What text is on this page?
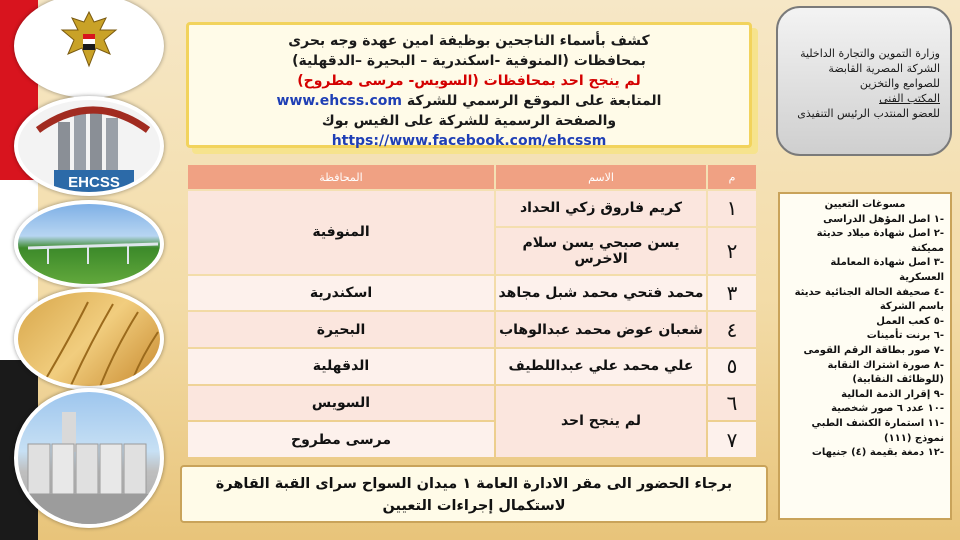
EHCSS
كشف بأسماء الناجحين بوظيفة امين عهدة وجه بحرى
بمحافظات (المنوفية -اسكندرية – البحيرة –الدقهلية)
لم ينجح احد بمحافظات (السويس- مرسى مطروح)
المتابعة على الموقع الرسمي للشركة www.ehcss.com
والصفحة الرسمية للشركة على الفيس بوك https://www.facebook.com/ehcssm
وزارة التموين والتجارة الداخلية
الشركة المصرية القابضة
للصوامع والتخزين
المكتب الفنى
للعضو المنتدب الرئيس التنفيذى
م	الاسم	المحافظة
١	كريم فاروق زكي الحداد	المنوفية
٢	يسن صبحي يسن سلام الاخرس	
٣	محمد فتحي محمد شبل مجاهد	اسكندرية
٤	شعبان عوض محمد عبدالوهاب	البحيرة
٥	علي محمد علي عبداللطيف	الدقهلية
٦	لم ينجح احد	السويس
٧		مرسى مطروح
مسوغات التعيين
-١ اصل المؤهل الدراسى
-٢ اصل شهادة ميلاد حديثة مميكنة
-٣ اصل شهادة المعاملة العسكرية
-٤ صحيفة الحالة الجنائية حديثة باسم الشركة
-٥ كعب العمل
-٦ برنت تأمينات
-٧ صور بطاقة الرقم القومى
-٨ صورة اشتراك النقابة (للوظائف النقابية)
-٩ إقرار الذمة المالية
-١٠ عدد ٦ صور شخصية
-١١ استمارة الكشف الطبي نموذج (١١١)
-١٢ دمغة بقيمة (٤) جنيهات
برجاء الحضور الى مقر الادارة العامة ١ ميدان السواح سراى القبة القاهرة
لاستكمال إجراءات التعيين
